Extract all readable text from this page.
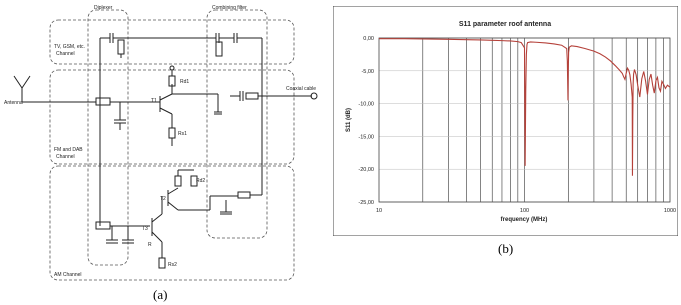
Diplexer	Combining filter
Antenna
Coaxial cable
TV, GSM, etc.
Channel
FM and DAB
Channel
AM Channel
T1
Rd1
Rs1
T2
T3
Rd2
Rs2
R
(a)
S11 parameter roof antenna
0,00
-5,00
-10,00
-15,00
-20,00
-25,00
10	100	1000
S11 (dB)
frequency (MHz)
(b)
